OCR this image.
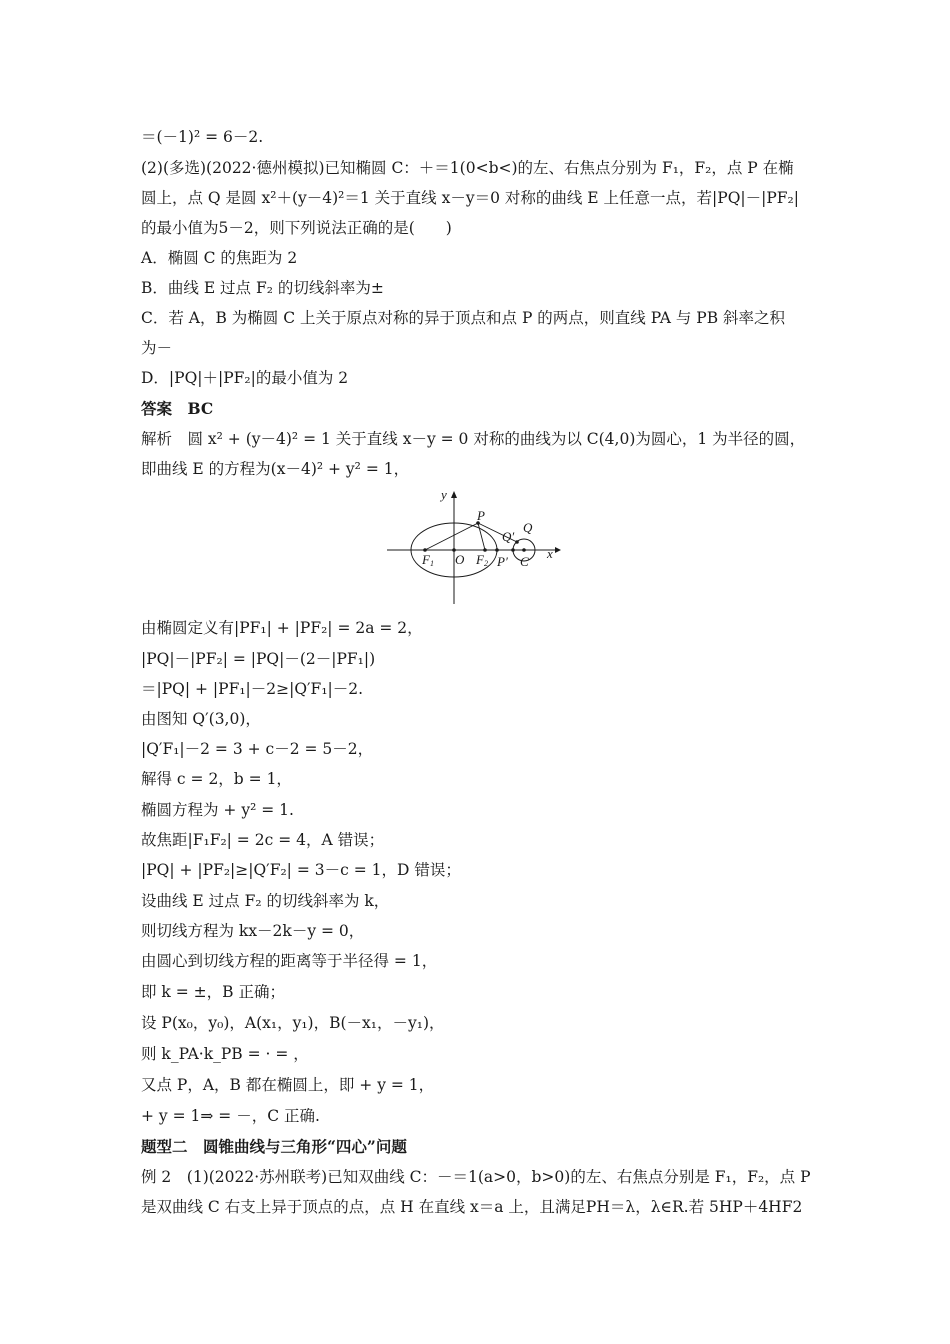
＝(－1)² = 6－2.
(2)(多选)(2022·德州模拟)已知椭圆 C：＋＝1(0<b<)的左、右焦点分别为 F₁，F₂，点 P 在椭
圆上，点 Q 是圆 x²＋(y－4)²＝1 关于直线 x－y＝0 对称的曲线 E 上任意一点，若|PQ|－|PF₂|
的最小值为5－2，则下列说法正确的是(　　)
A．椭圆 C 的焦距为 2
B．曲线 E 过点 F₂ 的切线斜率为±
C．若 A，B 为椭圆 C 上关于原点对称的异于顶点和点 P 的两点，则直线 PA 与 PB 斜率之积
为－
D．|PQ|＋|PF₂|的最小值为 2
答案　BC
解析　圆 x² + (y－4)² = 1 关于直线 x－y = 0 对称的曲线为以 C(4,0)为圆心，1 为半径的圆，
即曲线 E 的方程为(x－4)² + y² = 1，
y
x
P
Q
Q′
F 1 O F 2 P′ C
由椭圆定义有|PF₁| + |PF₂| = 2a = 2，
|PQ|－|PF₂| = |PQ|－(2－|PF₁|)
＝|PQ| + |PF₁|－2≥|Q′F₁|－2.
由图知 Q′(3,0)，
|Q′F₁|－2 = 3 + c－2 = 5－2，
解得 c = 2，b = 1，
椭圆方程为 + y² = 1.
故焦距|F₁F₂| = 2c = 4，A 错误；
|PQ| + |PF₂|≥|Q′F₂| = 3－c = 1，D 错误；
设曲线 E 过点 F₂ 的切线斜率为 k，
则切线方程为 kx－2k－y = 0，
由圆心到切线方程的距离等于半径得 = 1，
即 k = ±，B 正确；
设 P(x₀，y₀)，A(x₁，y₁)，B(－x₁，－y₁)，
则 k_PA·k_PB = · = ，
又点 P，A，B 都在椭圆上，即 + y = 1，
+ y = 1⇒ = －，C 正确.
题型二　圆锥曲线与三角形“四心”问题
例 2　(1)(2022·苏州联考)已知双曲线 C：－＝1(a>0，b>0)的左、右焦点分别是 F₁，F₂，点 P
是双曲线 C 右支上异于顶点的点，点 H 在直线 x＝a 上，且满足PH＝λ，λ∈R.若 5HP＋4HF2
